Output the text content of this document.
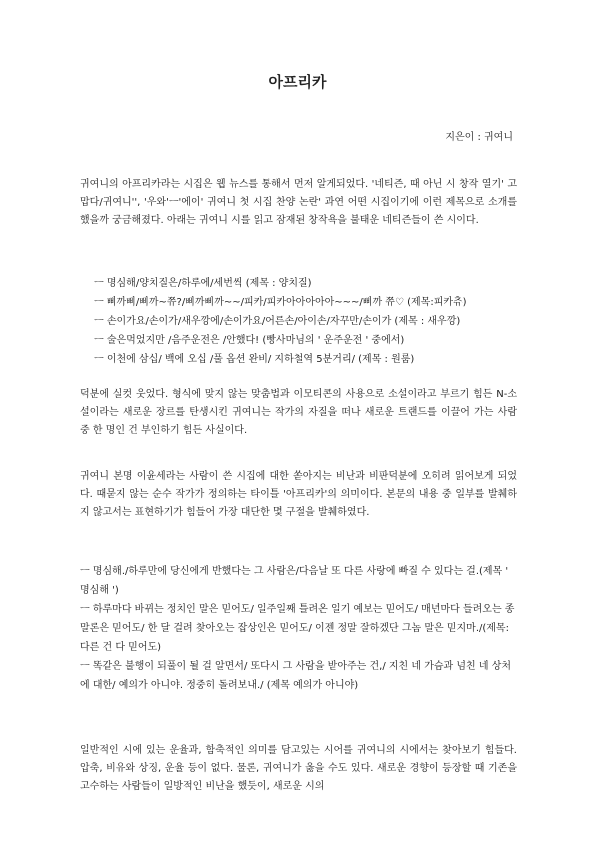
아프리카
지은이 : 귀여니

귀여니의 아프리카라는 시집은 웹 뉴스를 통해서 먼저 알게되었다. '네티즌, 때 아닌 시 창작 열기' 고맙다/귀여니'', '우와'ㅡ'에이' 귀여니 첫 시집 찬양 논란' 과연 어떤 시집이기에 이런 제목으로 소개를 했을까 궁금해졌다. 아래는 귀여니 시를 읽고 잠재된 창작욕을 불태운 네티즌들이 쓴 시이다.

ㅡ 명심해/양치질은/하루에/세번씩 (제목 : 양치질)
ㅡ 삐까삐/삐까~쮸?/삐까삐까~~/피카/피카아아아아아~~~/삐까 쮸♡ (제목:피카츄)
ㅡ 손이가요/손이가/새우깡에/손이가요/어른손/아이손/자꾸만/손이가 (제목 : 새우깡)
ㅡ 술은먹었지만 /음주운전은 /안했다! (빵사마님의 ' 운주운전 ' 중에서)
ㅡ 이천에 삼십/ 백에 오십 /풀 옵션 완비/ 지하철역 5분거리/ (제목 : 원룸)

덕분에 실컷 웃었다. 형식에 맞지 않는 맞춤법과 이모티콘의 사용으로 소설이라고 부르기 힘든 N-소설이라는 새로운 장르를 탄생시킨 귀여니는 작가의 자질을 떠나 새로운 트랜드를 이끌어 가는 사람 중 한 명인 건 부인하기 힘든 사실이다.

귀여니 본명 이윤세라는 사람이 쓴 시집에 대한 쏟아지는 비난과 비판덕분에 오히려 읽어보게 되었다. 때묻지 않는 순수 작가가 정의하는 타이틀 '아프리카'의 의미이다. 본문의 내용 중 일부를 발췌하지 않고서는 표현하기가 힘들어 가장 대단한 몇 구절을 발췌하였다.

ㅡ 명심해./하루만에 당신에게 반했다는 그 사람은/다음날 또 다른 사랑에 빠질 수 있다는 걸.(제목 ' 명심해 ')
ㅡ 하루마다 바뀌는 정치인 말은 믿어도/ 일주일째 틀려온 일기 예보는 믿어도/ 매년마다 들려오는 종말론은 믿어도/ 한 달 걸려 찾아오는 잡상인은 믿어도/ 이젠 정말 잘하겠단 그놈 말은 믿지마./(제목: 다른 건 다 믿어도)
ㅡ 똑같은 불행이 되풀이 될 걸 알면서/ 또다시 그 사람을 받아주는 건,/ 지친 네 가슴과 넘친 네 상처에 대한/ 예의가 아니야. 정중히 돌려보내./ (제목 예의가 아니야)

일반적인 시에 있는 운율과, 함축적인 의미를 담고있는 시어를 귀여니의 시에서는 찾아보기 힘들다. 압축, 비유와 상징, 운율 등이 없다. 물론, 귀여니가 옳을 수도 있다. 새로운 경향이 등장할 때 기존을 고수하는 사람들이 일방적인 비난을 했듯이, 새로운 시의
